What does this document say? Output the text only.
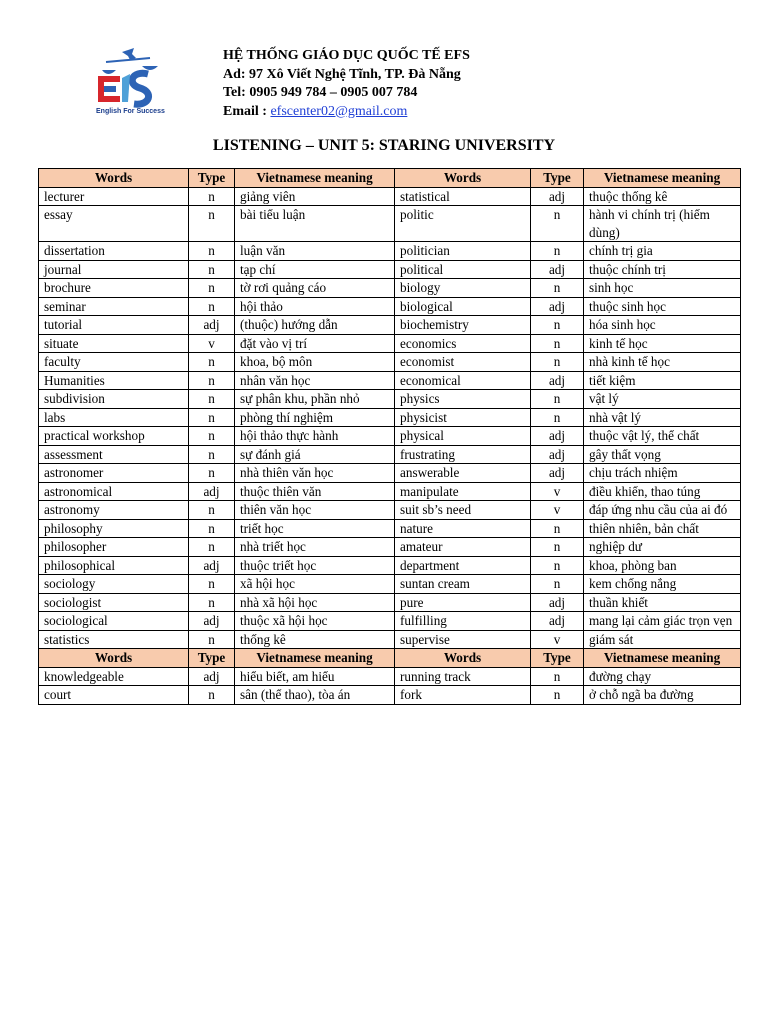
English For Success
HỆ THỐNG GIÁO DỤC QUỐC TẾ EFS
Ad: 97 Xô Viết Nghệ Tĩnh, TP. Đà Nẵng
Tel: 0905 949 784 – 0905 007 784
Email : efscenter02@gmail.com
LISTENING – UNIT 5: STARING UNIVERSITY
Words	Type	Vietnamese meaning	Words	Type	Vietnamese meaning
lecturer	n	giảng viên	statistical	adj	thuộc thống kê
essay	n	bài tiểu luận	politic	n	hành vi chính trị (hiếm dùng)
dissertation	n	luận văn	politician	n	chính trị gia
journal	n	tạp chí	political	adj	thuộc chính trị
brochure	n	tờ rơi quảng cáo	biology	n	sinh học
seminar	n	hội thảo	biological	adj	thuộc sinh học
tutorial	adj	(thuộc) hướng dẫn	biochemistry	n	hóa sinh học
situate	v	đặt vào vị trí	economics	n	kinh tế học
faculty	n	khoa, bộ môn	economist	n	nhà kinh tế học
Humanities	n	nhân văn học	economical	adj	tiết kiệm
subdivision	n	sự phân khu, phần nhỏ	physics	n	vật lý
labs	n	phòng thí nghiệm	physicist	n	nhà vật lý
practical workshop	n	hội thảo thực hành	physical	adj	thuộc vật lý, thể chất
assessment	n	sự đánh giá	frustrating	adj	gây thất vọng
astronomer	n	nhà thiên văn học	answerable	adj	chịu trách nhiệm
astronomical	adj	thuộc thiên văn	manipulate	v	điều khiển, thao túng
astronomy	n	thiên văn học	suit sb’s need	v	đáp ứng nhu cầu của ai đó
philosophy	n	triết học	nature	n	thiên nhiên, bản chất
philosopher	n	nhà triết học	amateur	n	nghiệp dư
philosophical	adj	thuộc triết học	department	n	khoa, phòng ban
sociology	n	xã hội học	suntan cream	n	kem chống nắng
sociologist	n	nhà xã hội học	pure	adj	thuần khiết
sociological	adj	thuộc xã hội học	fulfilling	adj	mang lại cảm giác trọn vẹn
statistics	n	thống kê	supervise	v	giám sát
Words	Type	Vietnamese meaning	Words	Type	Vietnamese meaning
knowledgeable	adj	hiểu biết, am hiểu	running track	n	đường chạy
court	n	sân (thể thao), tòa án	fork	n	ở chỗ ngã ba đường
